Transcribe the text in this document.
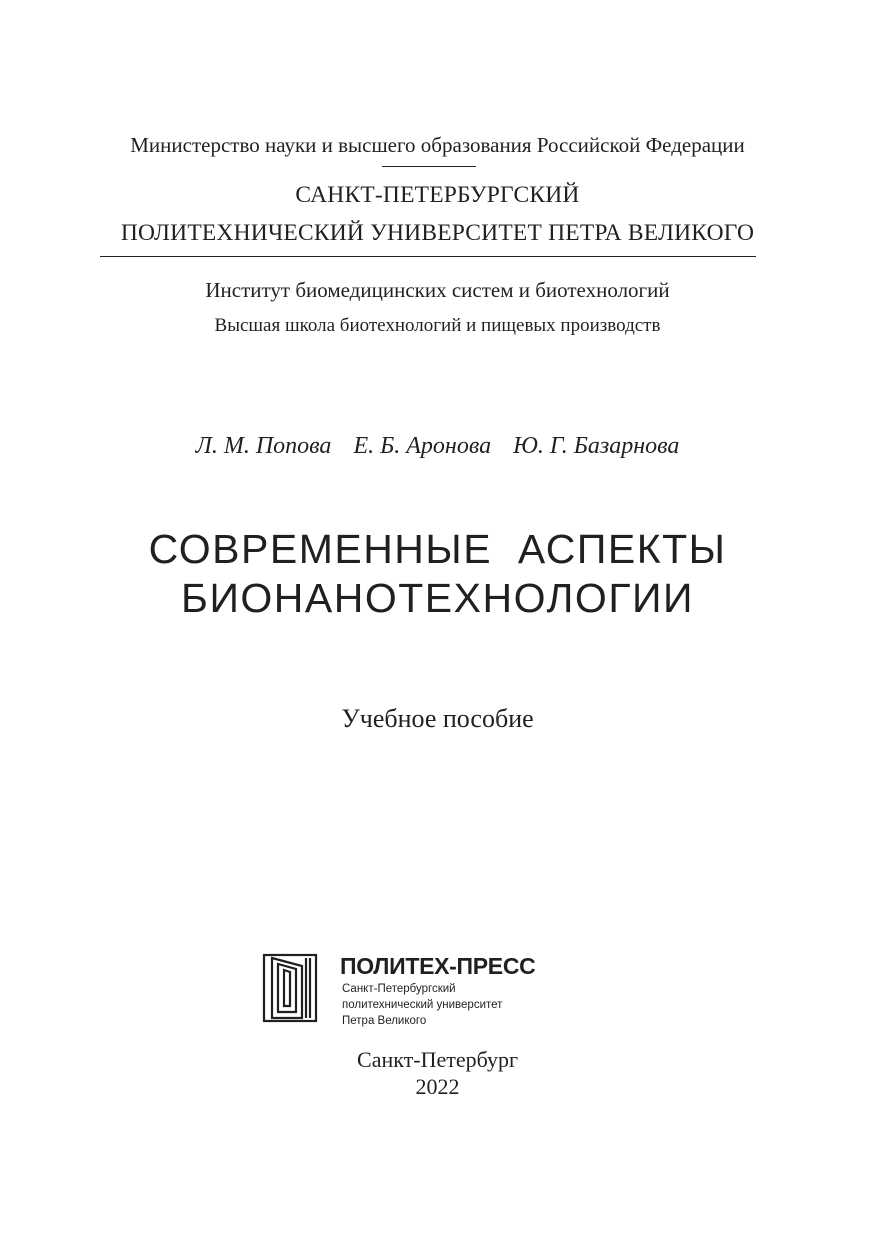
Министерство науки и высшего образования Российской Федерации
САНКТ-ПЕТЕРБУРГСКИЙ
ПОЛИТЕХНИЧЕСКИЙ УНИВЕРСИТЕТ ПЕТРА ВЕЛИКОГО
Институт биомедицинских систем и биотехнологий
Высшая школа биотехнологий и пищевых производств
Л. М. Попова Е. Б. Аронова Ю. Г. Базарнова
СОВРЕМЕННЫЕ  АСПЕКТЫ
БИОНАНОТЕХНОЛОГИИ
Учебное пособие
ПОЛИТЕХ-ПРЕСС
Санкт-Петербургский
политехнический университет
Петра Великого
Санкт-Петербург
2022
